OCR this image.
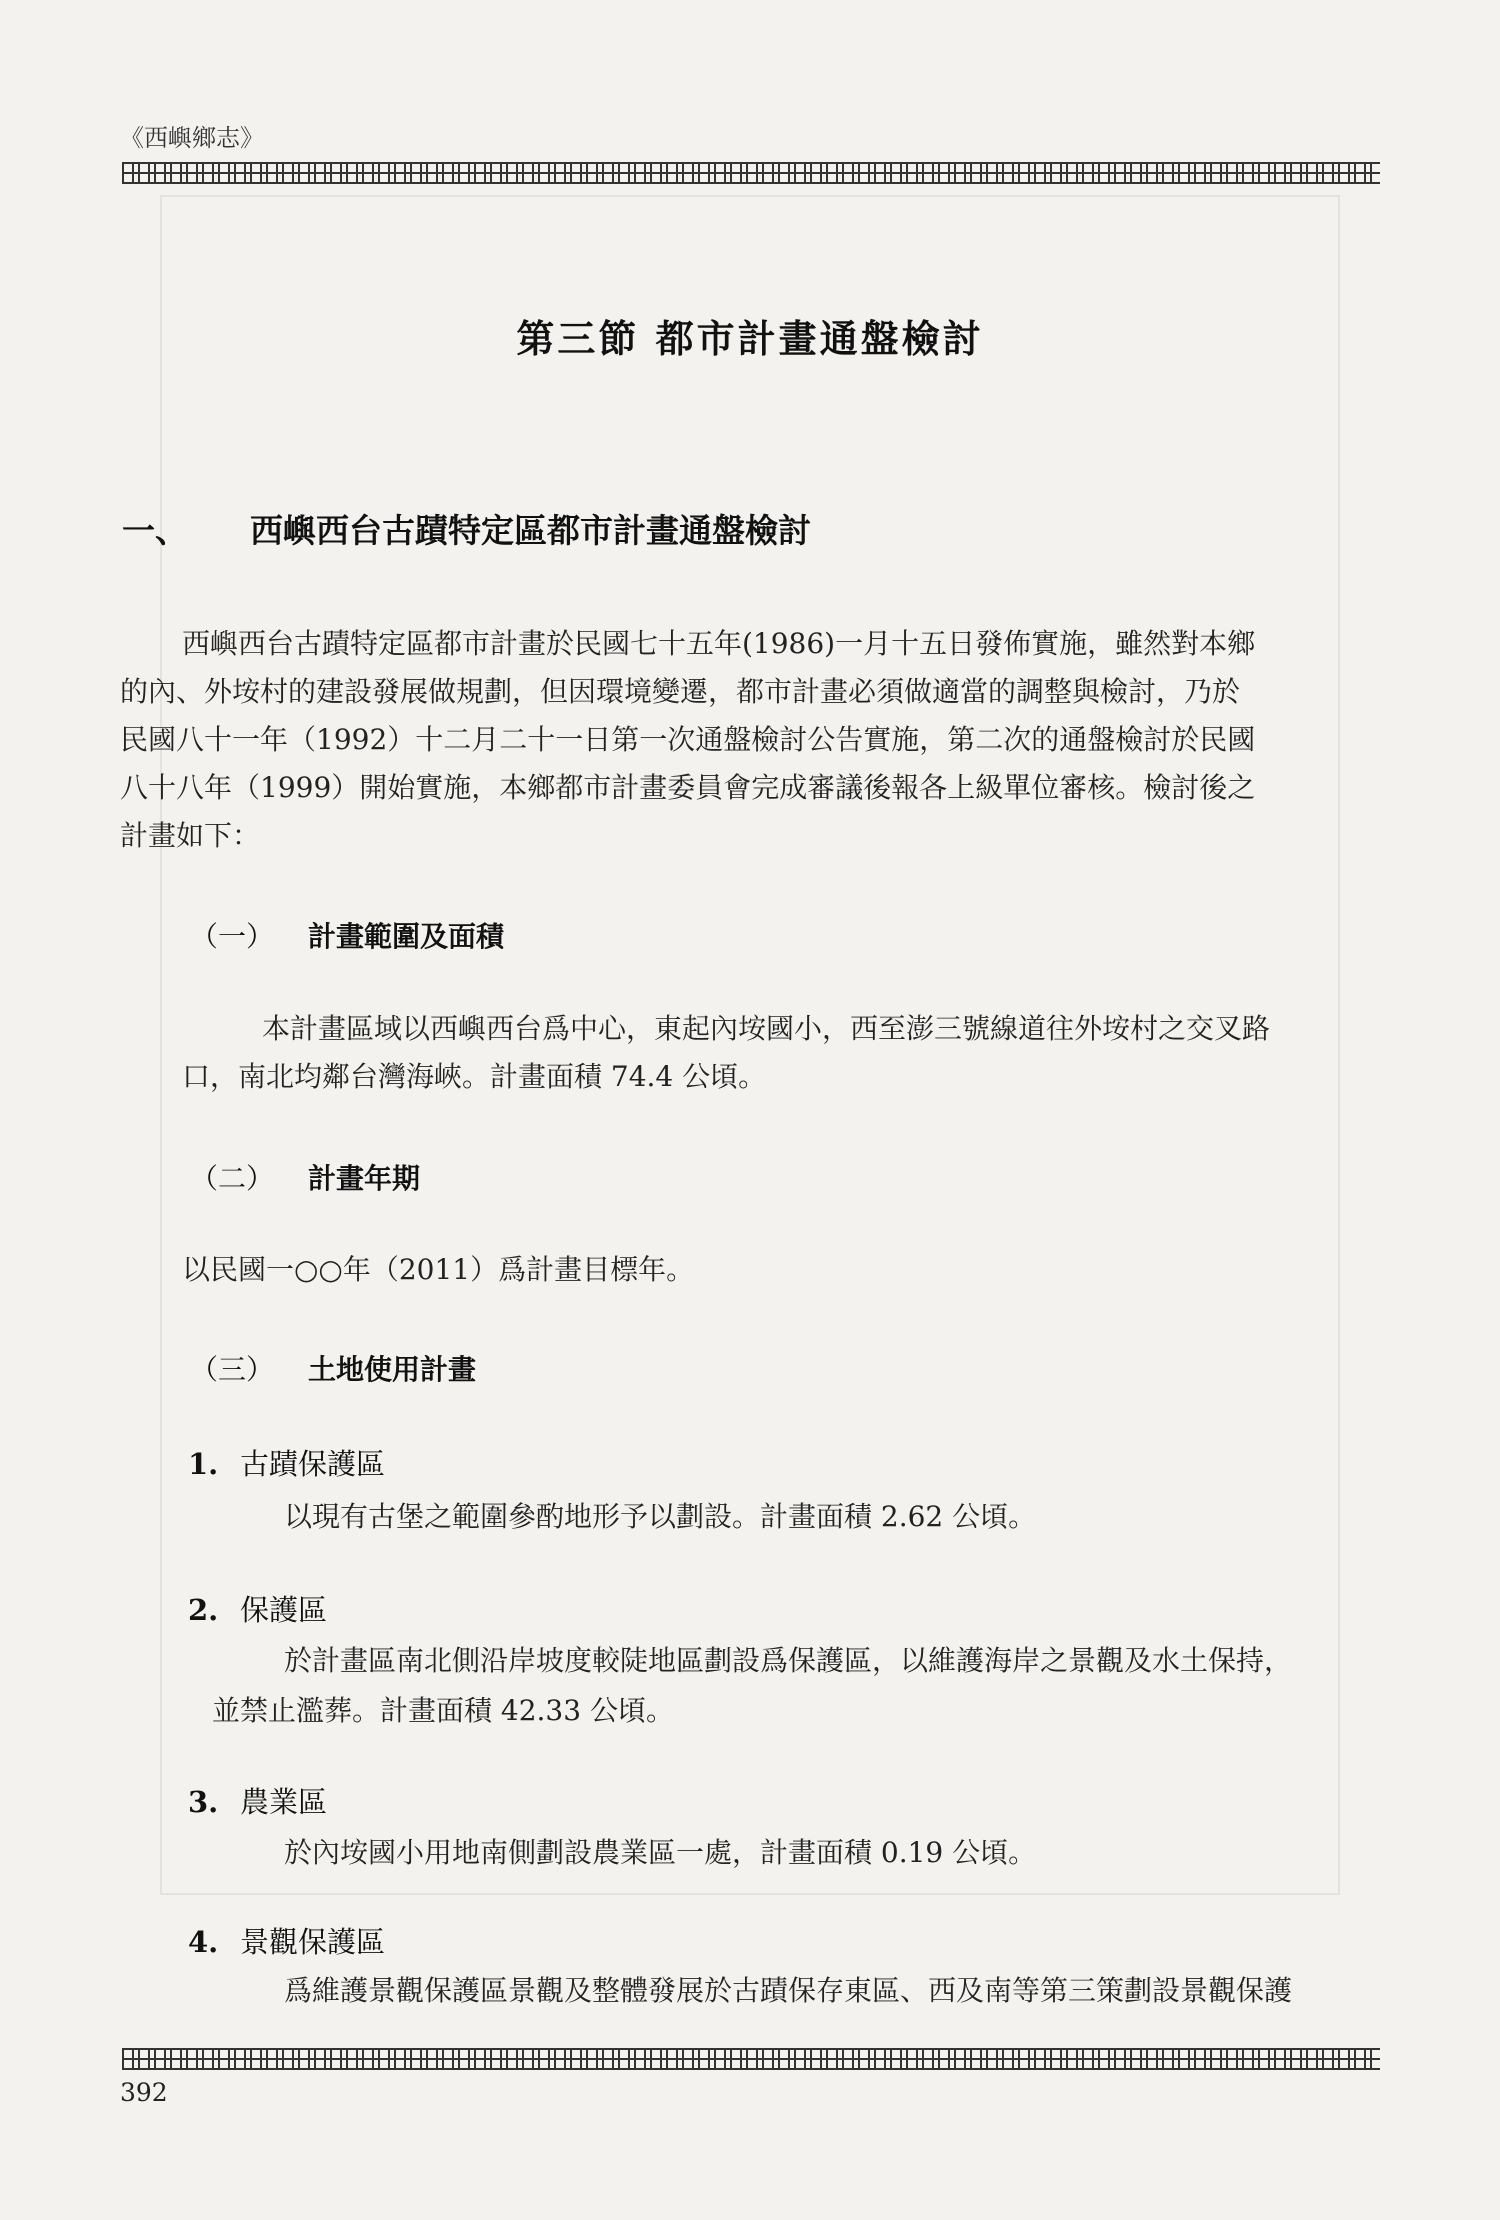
《西嶼鄉志》
第三節 都市計畫通盤檢討
一、 西嶼西台古蹟特定區都市計畫通盤檢討
西嶼西台古蹟特定區都市計畫於民國七十五年(1986)一月十五日發佈實施，雖然對本鄉
的內、外垵村的建設發展做規劃，但因環境變遷，都市計畫必須做適當的調整與檢討，乃於
民國八十一年（1992）十二月二十一日第一次通盤檢討公告實施，第二次的通盤檢討於民國
八十八年（1999）開始實施，本鄉都市計畫委員會完成審議後報各上級單位審核。檢討後之
計畫如下：
（一） 計畫範圍及面積
本計畫區域以西嶼西台爲中心，東起內垵國小，西至澎三號線道往外垵村之交叉路
口，南北均鄰台灣海峽。計畫面積 74.4 公頃。
（二） 計畫年期
以民國一○○年（2011）爲計畫目標年。
（三） 土地使用計畫
1. 古蹟保護區
以現有古堡之範圍參酌地形予以劃設。計畫面積 2.62 公頃。
2. 保護區
於計畫區南北側沿岸坡度較陡地區劃設爲保護區，以維護海岸之景觀及水土保持，
並禁止濫葬。計畫面積 42.33 公頃。
3. 農業區
於內垵國小用地南側劃設農業區一處，計畫面積 0.19 公頃。
4. 景觀保護區
爲維護景觀保護區景觀及整體發展於古蹟保存東區、西及南等第三策劃設景觀保護
392
